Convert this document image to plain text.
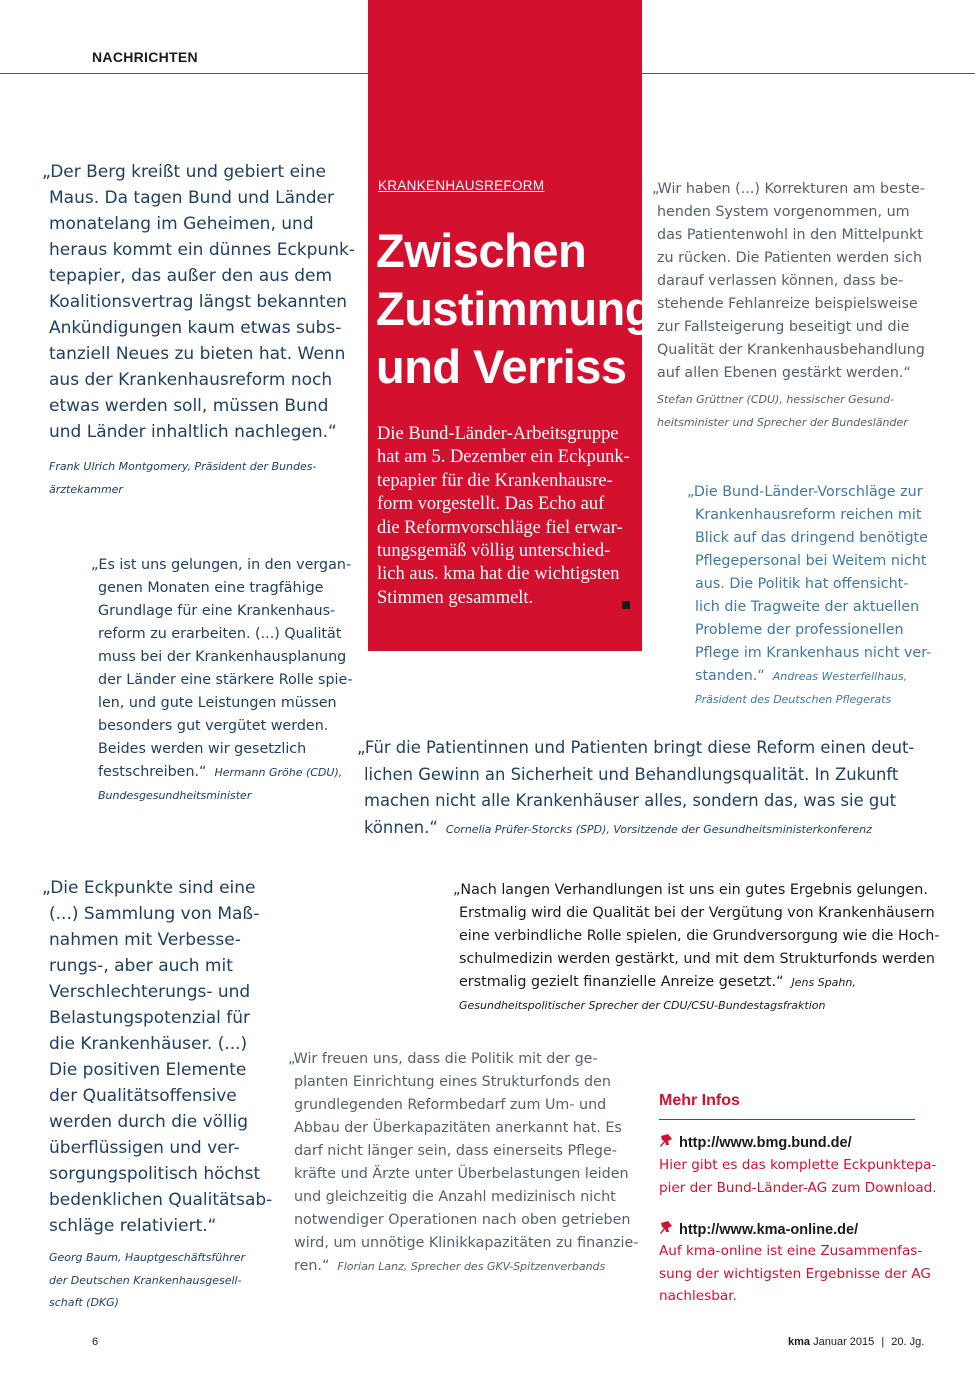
NACHRICHTEN
KRANKENHAUSREFORM
Zwischen
Zustimmung
und Verriss
Die Bund-Länder-Arbeitsgruppe
hat am 5. Dezember ein Eckpunk-
tepapier für die Krankenhausre-
form vorgestellt. Das Echo auf
die Reformvorschläge fiel erwar-
tungsgemäß völlig unterschied-
lich aus. kma hat die wichtigsten
Stimmen gesammelt.
„Der Berg kreißt und gebiert eine
Maus. Da tagen Bund und Länder
monatelang im Geheimen, und
heraus kommt ein dünnes Eckpunk-
tepapier, das außer den aus dem
Koalitionsvertrag längst bekannten
Ankündigungen kaum etwas subs-
tanziell Neues zu bieten hat. Wenn
aus der Krankenhausreform noch
etwas werden soll, müssen Bund
und Länder inhaltlich nachlegen.“
Frank Ulrich Montgomery, Präsident der Bundes-
ärztekammer
„Wir haben (...) Korrekturen am beste-
henden System vorgenommen, um
das Patientenwohl in den Mittelpunkt
zu rücken. Die Patienten werden sich
darauf verlassen können, dass be-
stehende Fehlanreize beispielsweise
zur Fallsteigerung beseitigt und die
Qualität der Krankenhausbehandlung
auf allen Ebenen gestärkt werden.“
Stefan Grüttner (CDU), hessischer Gesund-
heitsminister und Sprecher der Bundesländer
„Die Bund-Länder-Vorschläge zur
Krankenhausreform reichen mit
Blick auf das dringend benötigte
Pflegepersonal bei Weitem nicht
aus. Die Politik hat offensicht-
lich die Tragweite der aktuellen
Probleme der professionellen
Pflege im Krankenhaus nicht ver-
standen.“ Andreas Westerfellhaus,
Präsident des Deutschen Pflegerats
„Es ist uns gelungen, in den vergan-
genen Monaten eine tragfähige
Grundlage für eine Krankenhaus-
reform zu erarbeiten. (...) Qualität
muss bei der Krankenhausplanung
der Länder eine stärkere Rolle spie-
len, und gute Leistungen müssen
besonders gut vergütet werden.
Beides werden wir gesetzlich
festschreiben.“ Hermann Gröhe (CDU),
Bundesgesundheitsminister
„Für die Patientinnen und Patienten bringt diese Reform einen deut-
lichen Gewinn an Sicherheit und Behandlungsqualität. In Zukunft
machen nicht alle Krankenhäuser alles, sondern das, was sie gut
können.“ Cornelia Prüfer-Storcks (SPD), Vorsitzende der Gesundheitsministerkonferenz
„Die Eckpunkte sind eine
(...) Sammlung von Maß-
nahmen mit Verbesse-
rungs-, aber auch mit
Verschlechterungs- und
Belastungspotenzial für
die Krankenhäuser. (...)
Die positiven Elemente
der Qualitätsoffensive
werden durch die völlig
überflüssigen und ver-
sorgungspolitisch höchst
bedenklichen Qualitätsab-
schläge relativiert.“
Georg Baum, Hauptgeschäftsführer
der Deutschen Krankenhausgesell-
schaft (DKG)
„Nach langen Verhandlungen ist uns ein gutes Ergebnis gelungen.
Erstmalig wird die Qualität bei der Vergütung von Krankenhäusern
eine verbindliche Rolle spielen, die Grundversorgung wie die Hoch-
schulmedizin werden gestärkt, und mit dem Strukturfonds werden
erstmalig gezielt finanzielle Anreize gesetzt.“ Jens Spahn,
Gesundheitspolitischer Sprecher der CDU/CSU-Bundestagsfraktion
„Wir freuen uns, dass die Politik mit der ge-
planten Einrichtung eines Strukturfonds den
grundlegenden Reformbedarf zum Um- und
Abbau der Überkapazitäten anerkannt hat. Es
darf nicht länger sein, dass einerseits Pflege-
kräfte und Ärzte unter Überbelastungen leiden
und gleichzeitig die Anzahl medizinisch nicht
notwendiger Operationen nach oben getrieben
wird, um unnötige Klinikkapazitäten zu finanzie-
ren.“ Florian Lanz, Sprecher des GKV-Spitzenverbands
Mehr Infos
http://www.bmg.bund.de/
Hier gibt es das komplette Eckpunktepa-
pier der Bund-Länder-AG zum Download.
http://www.kma-online.de/
Auf kma-online ist eine Zusammenfas-
sung der wichtigsten Ergebnisse der AG
nachlesbar.
6	kma Januar 2015 | 20. Jg.
